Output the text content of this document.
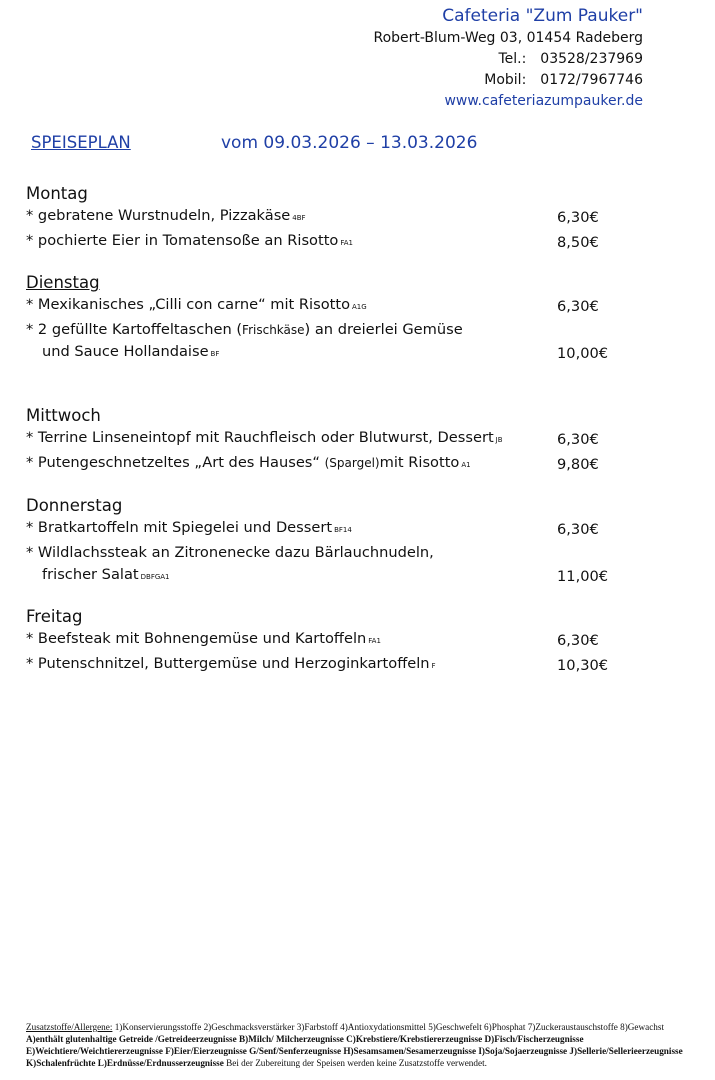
Cafeteria "Zum Pauker"
Robert-Blum-Weg 03, 01454 Radeberg
Tel.: 03528/237969
Mobil: 0172/7967746
www.cafeteriazumpauker.de
SPEISEPLAN	vom 09.03.2026 – 13.03.2026
Montag
* gebratene Wurstnudeln, Pizzakäse 4BF	6,30€
* pochierte Eier in Tomatensoße an Risotto FA1	8,50€
Dienstag
* Mexikanisches „Cilli con carne“ mit Risotto A1G	6,30€
* 2 gefüllte Kartoffeltaschen (Frischkäse) an dreierlei Gemüse
und Sauce Hollandaise BF	10,00€
Mittwoch
* Terrine Linseneintopf mit Rauchfleisch oder Blutwurst, Dessert JB	6,30€
* Putengeschnetzeltes „Art des Hauses“ (Spargel)mit Risotto A1	9,80€
Donnerstag
* Bratkartoffeln mit Spiegelei und Dessert BF14	6,30€
* Wildlachssteak an Zitronenecke dazu Bärlauchnudeln,
frischer Salat DBFGA1	11,00€
Freitag
* Beefsteak mit Bohnengemüse und Kartoffeln FA1	6,30€
* Putenschnitzel, Buttergemüse und Herzoginkartoffeln F	10,30€
Zusatzstoffe/Allergene: 1)Konservierungsstoffe 2)Geschmacksverstärker 3)Farbstoff 4)Antioxydationsmittel 5)Geschwefelt 6)Phosphat 7)Zuckeraustauschstoffe 8)Gewachst A)enthält glutenhaltige Getreide /Getreideerzeugnisse B)Milch/ Milcherzeugnisse C)Krebstiere/Krebstiererzeugnisse D)Fisch/Fischerzeugnisse E)Weichtiere/Weichtiererzeugnisse F)Eier/Eierzeugnisse G/Senf/Senferzeugnisse H)Sesamsamen/Sesamerzeugnisse I)Soja/Sojaerzeugnisse J)Sellerie/Sellerieerzeugnisse K)Schalenfrüchte L)Erdnüsse/Erdnusserzeugnisse Bei der Zubereitung der Speisen werden keine Zusatzstoffe verwendet.
